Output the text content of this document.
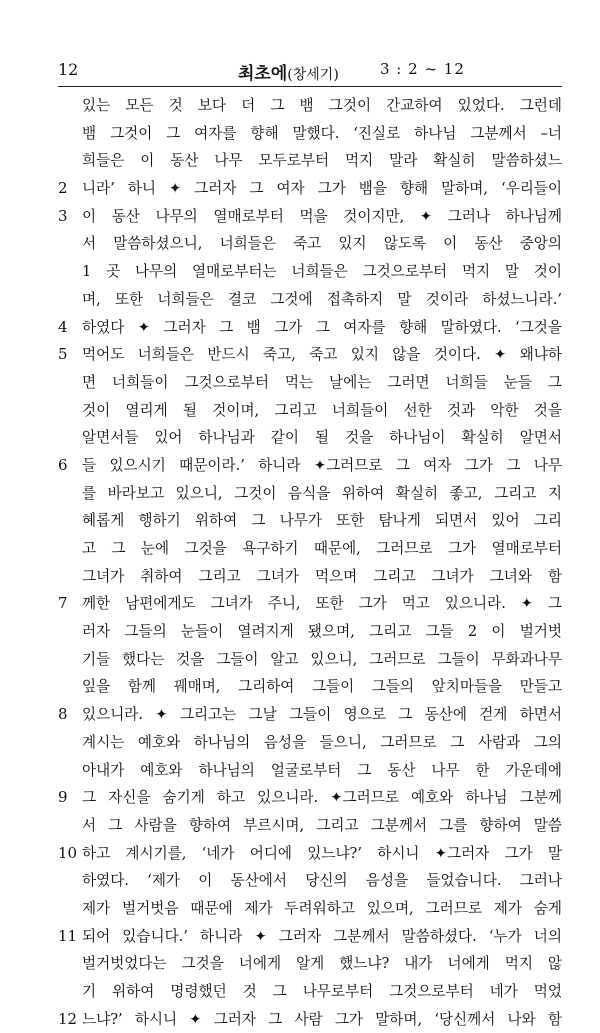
12	최초에(창세기)	3 : 2 ~ 12
있는 모든 것 보다 더 그 뱀 그것이 간교하여 있었다. 그런데
뱀 그것이 그 여자를 향해 말했다. ‘진실로 하나님 그분께서 –너
희들은 이 동산 나무 모두로부터 먹지 말라 확실히 말씀하셨느
2 니라’ 하니 ✦ 그러자 그 여자 그가 뱀을 향해 말하며, ‘우리들이
3 이 동산 나무의 열매로부터 먹을 것이지만, ✦ 그러나 하나님께
서 말씀하셨으니, 너희들은 죽고 있지 않도록 이 동산 중앙의
1 곳 나무의 열매로부터는 너희들은 그것으로부터 먹지 말 것이
며, 또한 너희들은 결코 그것에 접촉하지 말 것이라 하셨느니라.’
4 하였다 ✦ 그러자 그 뱀 그가 그 여자를 향해 말하였다. ‘그것을
5 먹어도 너희들은 반드시 죽고, 죽고 있지 않을 것이다. ✦ 왜냐하
면 너희들이 그것으로부터 먹는 날에는 그러면 너희들 눈들 그
것이 열리게 될 것이며, 그리고 너희들이 선한 것과 악한 것을
알면서들 있어 하나님과 같이 될 것을 하나님이 확실히 알면서
6 들 있으시기 때문이라.’ 하니라 ✦그러므로 그 여자 그가 그 나무
를 바라보고 있으니, 그것이 음식을 위하여 확실히 좋고, 그리고 지
혜롭게 행하기 위하여 그 나무가 또한 탐나게 되면서 있어 그리
고 그 눈에 그것을 욕구하기 때문에, 그러므로 그가 열매로부터
그녀가 취하여 그리고 그녀가 먹으며 그리고 그녀가 그녀와 함
7 께한 남편에게도 그녀가 주니, 또한 그가 먹고 있으니라. ✦ 그
러자 그들의 눈들이 열려지게 됐으며, 그리고 그들 2 이 벌거벗
기들 했다는 것을 그들이 알고 있으니, 그러므로 그들이 무화과나무
잎을 함께 꿰매며, 그리하여 그들이 그들의 앞치마들을 만들고
8 있으니라. ✦ 그리고는 그날 그들이 영으로 그 동산에 걷게 하면서
계시는 예호와 하나님의 음성을 들으니, 그러므로 그 사람과 그의
아내가 예호와 하나님의 얼굴로부터 그 동산 나무 한 가운데에
9 그 자신을 숨기게 하고 있으니라. ✦그러므로 예호와 하나님 그분께
서 그 사람을 향하여 부르시며, 그리고 그분께서 그를 향하여 말씀
10 하고 계시기를, ‘네가 어디에 있느냐?’ 하시니 ✦그러자 그가 말
하였다. ‘제가 이 동산에서 당신의 음성을 들었습니다. 그러나
제가 벌거벗음 때문에 제가 두려워하고 있으며, 그러므로 제가 숨게
11 되어 있습니다.’ 하니라 ✦ 그러자 그분께서 말씀하셨다. ‘누가 너의
벌거벗었다는 그것을 너에게 알게 했느냐? 내가 너에게 먹지 않
기 위하여 명령했던 것 그 나무로부터 그것으로부터 네가 먹었
12 느냐?’ 하시니 ✦ 그러자 그 사람 그가 말하며, ‘당신께서 나와 함
